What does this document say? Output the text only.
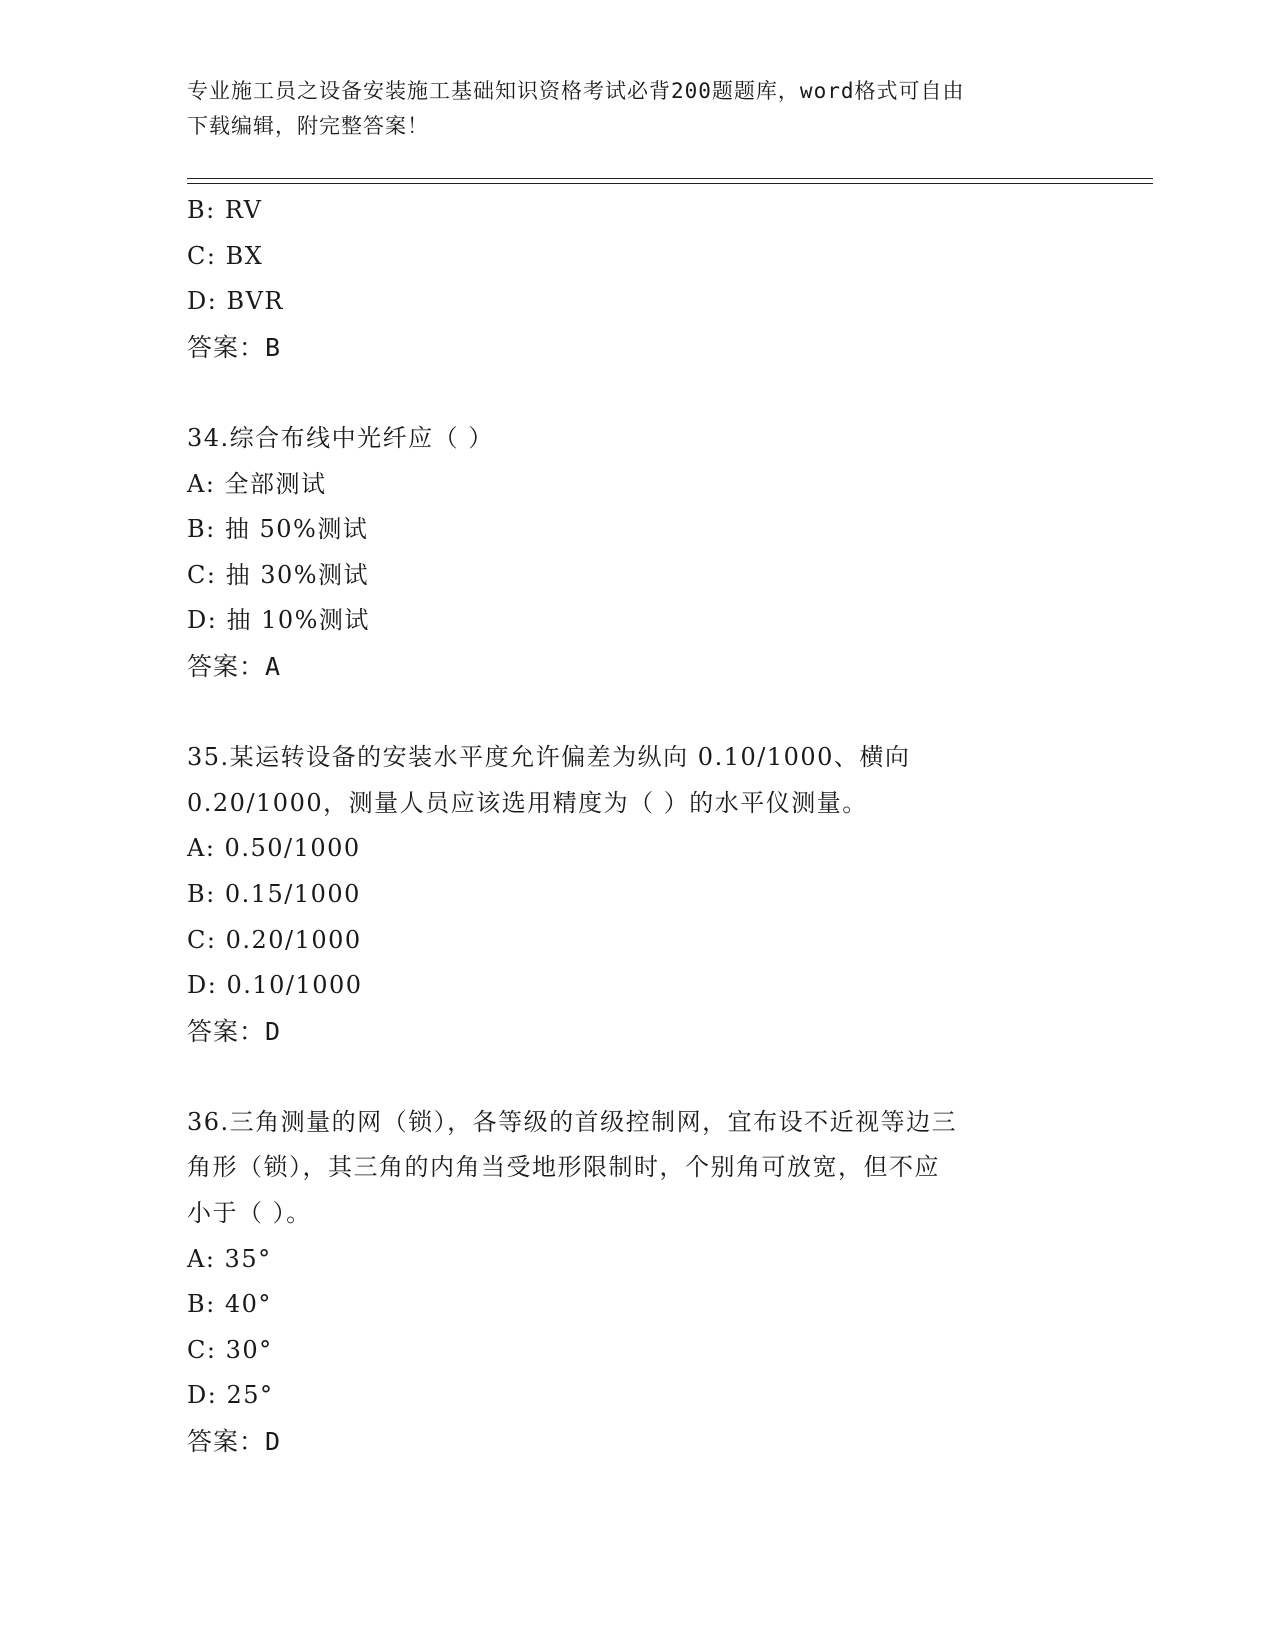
专业施工员之设备安装施工基础知识资格考试必背200题题库，word格式可自由
下载编辑，附完整答案！
B: RV
C: BX
D: BVR
答案：B
34.综合布线中光纤应（ ）
A: 全部测试
B: 抽 50%测试
C: 抽 30%测试
D: 抽 10%测试
答案：A
35.某运转设备的安装水平度允许偏差为纵向 0.10/1000、横向
0.20/1000，测量人员应该选用精度为（ ）的水平仪测量。
A: 0.50/1000
B: 0.15/1000
C: 0.20/1000
D: 0.10/1000
答案：D
36.三角测量的网（锁），各等级的首级控制网，宜布设不近视等边三
角形（锁），其三角的内角当受地形限制时，个别角可放宽，但不应
小于（ ）。
A: 35°
B: 40°
C: 30°
D: 25°
答案：D
